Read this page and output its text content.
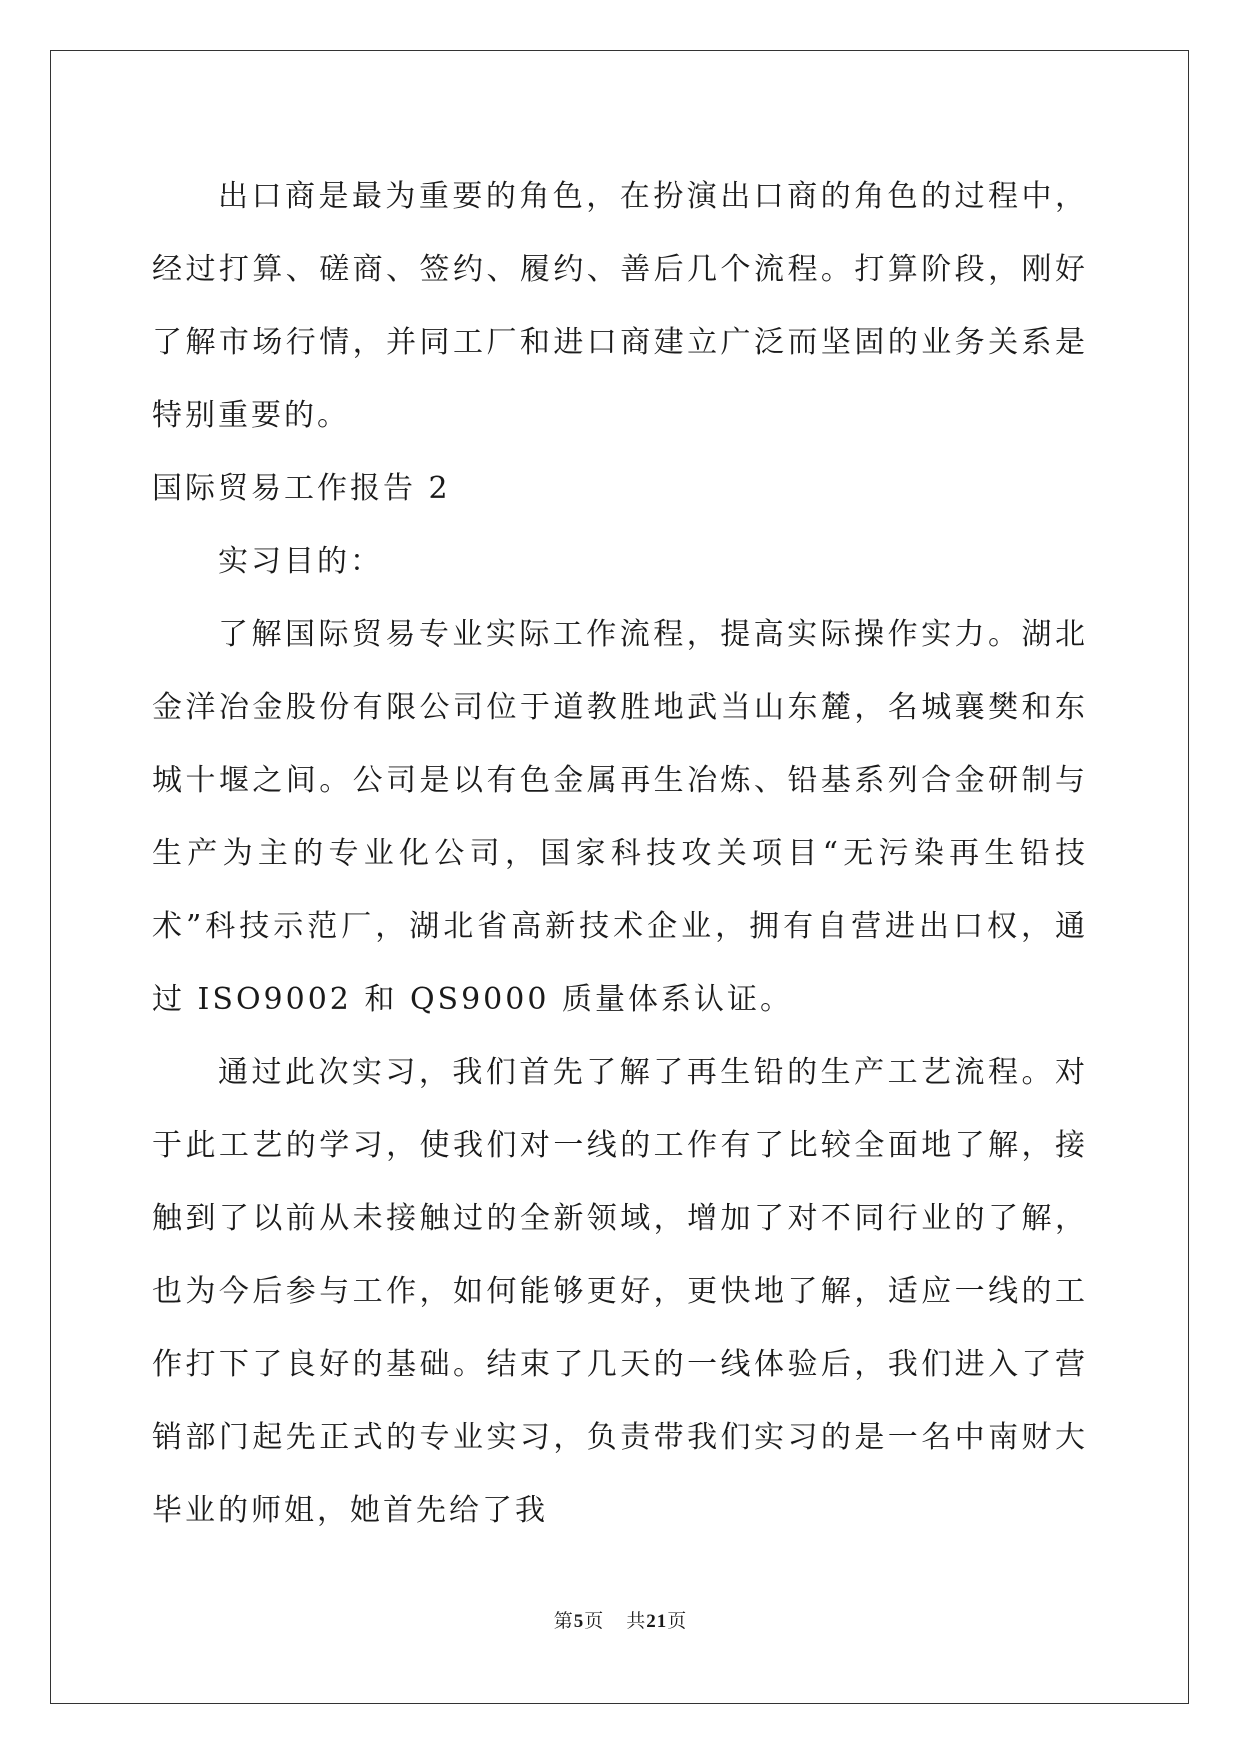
出口商是最为重要的角色，在扮演出口商的角色的过程中，经过打算、磋商、签约、履约、善后几个流程。打算阶段，刚好了解市场行情，并同工厂和进口商建立广泛而坚固的业务关系是特别重要的。

国际贸易工作报告 2

实习目的：

了解国际贸易专业实际工作流程，提高实际操作实力。湖北金洋冶金股份有限公司位于道教胜地武当山东麓，名城襄樊和东城十堰之间。公司是以有色金属再生冶炼、铅基系列合金研制与生产为主的专业化公司，国家科技攻关项目“无污染再生铅技术”科技示范厂，湖北省高新技术企业，拥有自营进出口权，通过 ISO9002 和 QS9000 质量体系认证。

通过此次实习，我们首先了解了再生铅的生产工艺流程。对于此工艺的学习，使我们对一线的工作有了比较全面地了解，接触到了以前从未接触过的全新领域，增加了对不同行业的了解，也为今后参与工作，如何能够更好，更快地了解，适应一线的工作打下了良好的基础。结束了几天的一线体验后，我们进入了营销部门起先正式的专业实习，负责带我们实习的是一名中南财大毕业的师姐，她首先给了我

第5页 共21页
